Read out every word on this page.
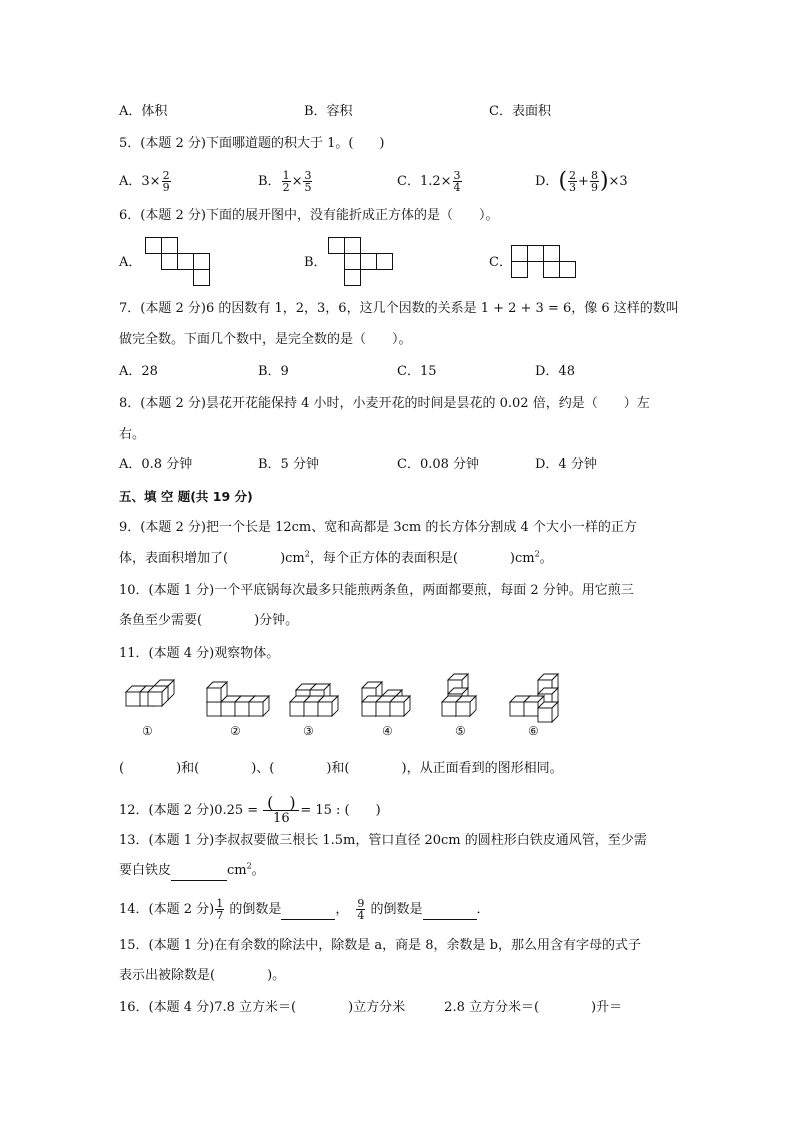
A．体积	B．容积	C．表面积
5．(本题 2 分)下面哪道题的积大于 1。(　　)
A．$3\times \frac{2}{9}$	B． $\frac{1}{2} \times \frac{3}{5}$	C．$1.2\times \frac{3}{4}$	D．( $\frac{2}{3} + \frac{8}{9} )\times 3$
6．(本题 2 分)下面的展开图中，没有能折成正方体的是（　　）。
A．	B．	C．
7．(本题 2 分)6 的因数有 1，2，3，6，这几个因数的关系是 1 + 2 + 3 = 6，像 6 这样的数叫
做完全数。下面几个数中，是完全数的是（　　）。
A．28	B．9	C．15	D．48
8．(本题 2 分)昙花开花能保持 4 小时，小麦开花的时间是昙花的 0.02 倍，约是（　　）左
右。
A．0.8 分钟	B．5 分钟	C．0.08 分钟	D．4 分钟
五、填 空 题(共 19 分)
9．(本题 2 分)把一个长是 12cm、宽和高都是 3cm 的长方体分割成 4 个大小一样的正方
体，表面积增加了(　　　　)$cm^2$，每个正方体的表面积是(　　　　)$cm^2$。
10．(本题 1 分)一个平底锅每次最多只能煎两条鱼，两面都要煎，每面 2 分钟。用它煎三
条鱼至少需要(　　　　)分钟。
11．(本题 4 分)观察物体。
①	②	③	④	⑤	⑥
(　　　　)和(　　　　)、(　　　　)和(　　　　)，从正面看到的图形相同。
12．(本题 2 分)$0.25 = \frac{( )}{16} = 15$ : (　　)
13．(本题 1 分)李叔叔要做三根长 1.5m，管口直径 20cm 的圆柱形白铁皮通风管，至少需
要白铁皮	$cm^2$。
14．(本题 2 分) $\frac{1}{7}$ 的倒数是	， $\frac{9}{4}$ 的倒数是	．
15．(本题 1 分)在有余数的除法中，除数是 a，商是 8，余数是 b，那么用含有字母的式子
表示出被除数是(　　　　)。
16．(本题 4 分)7.8 立方米＝(　　　　)立方分米　　　2.8 立方分米＝(　　　　)升＝
